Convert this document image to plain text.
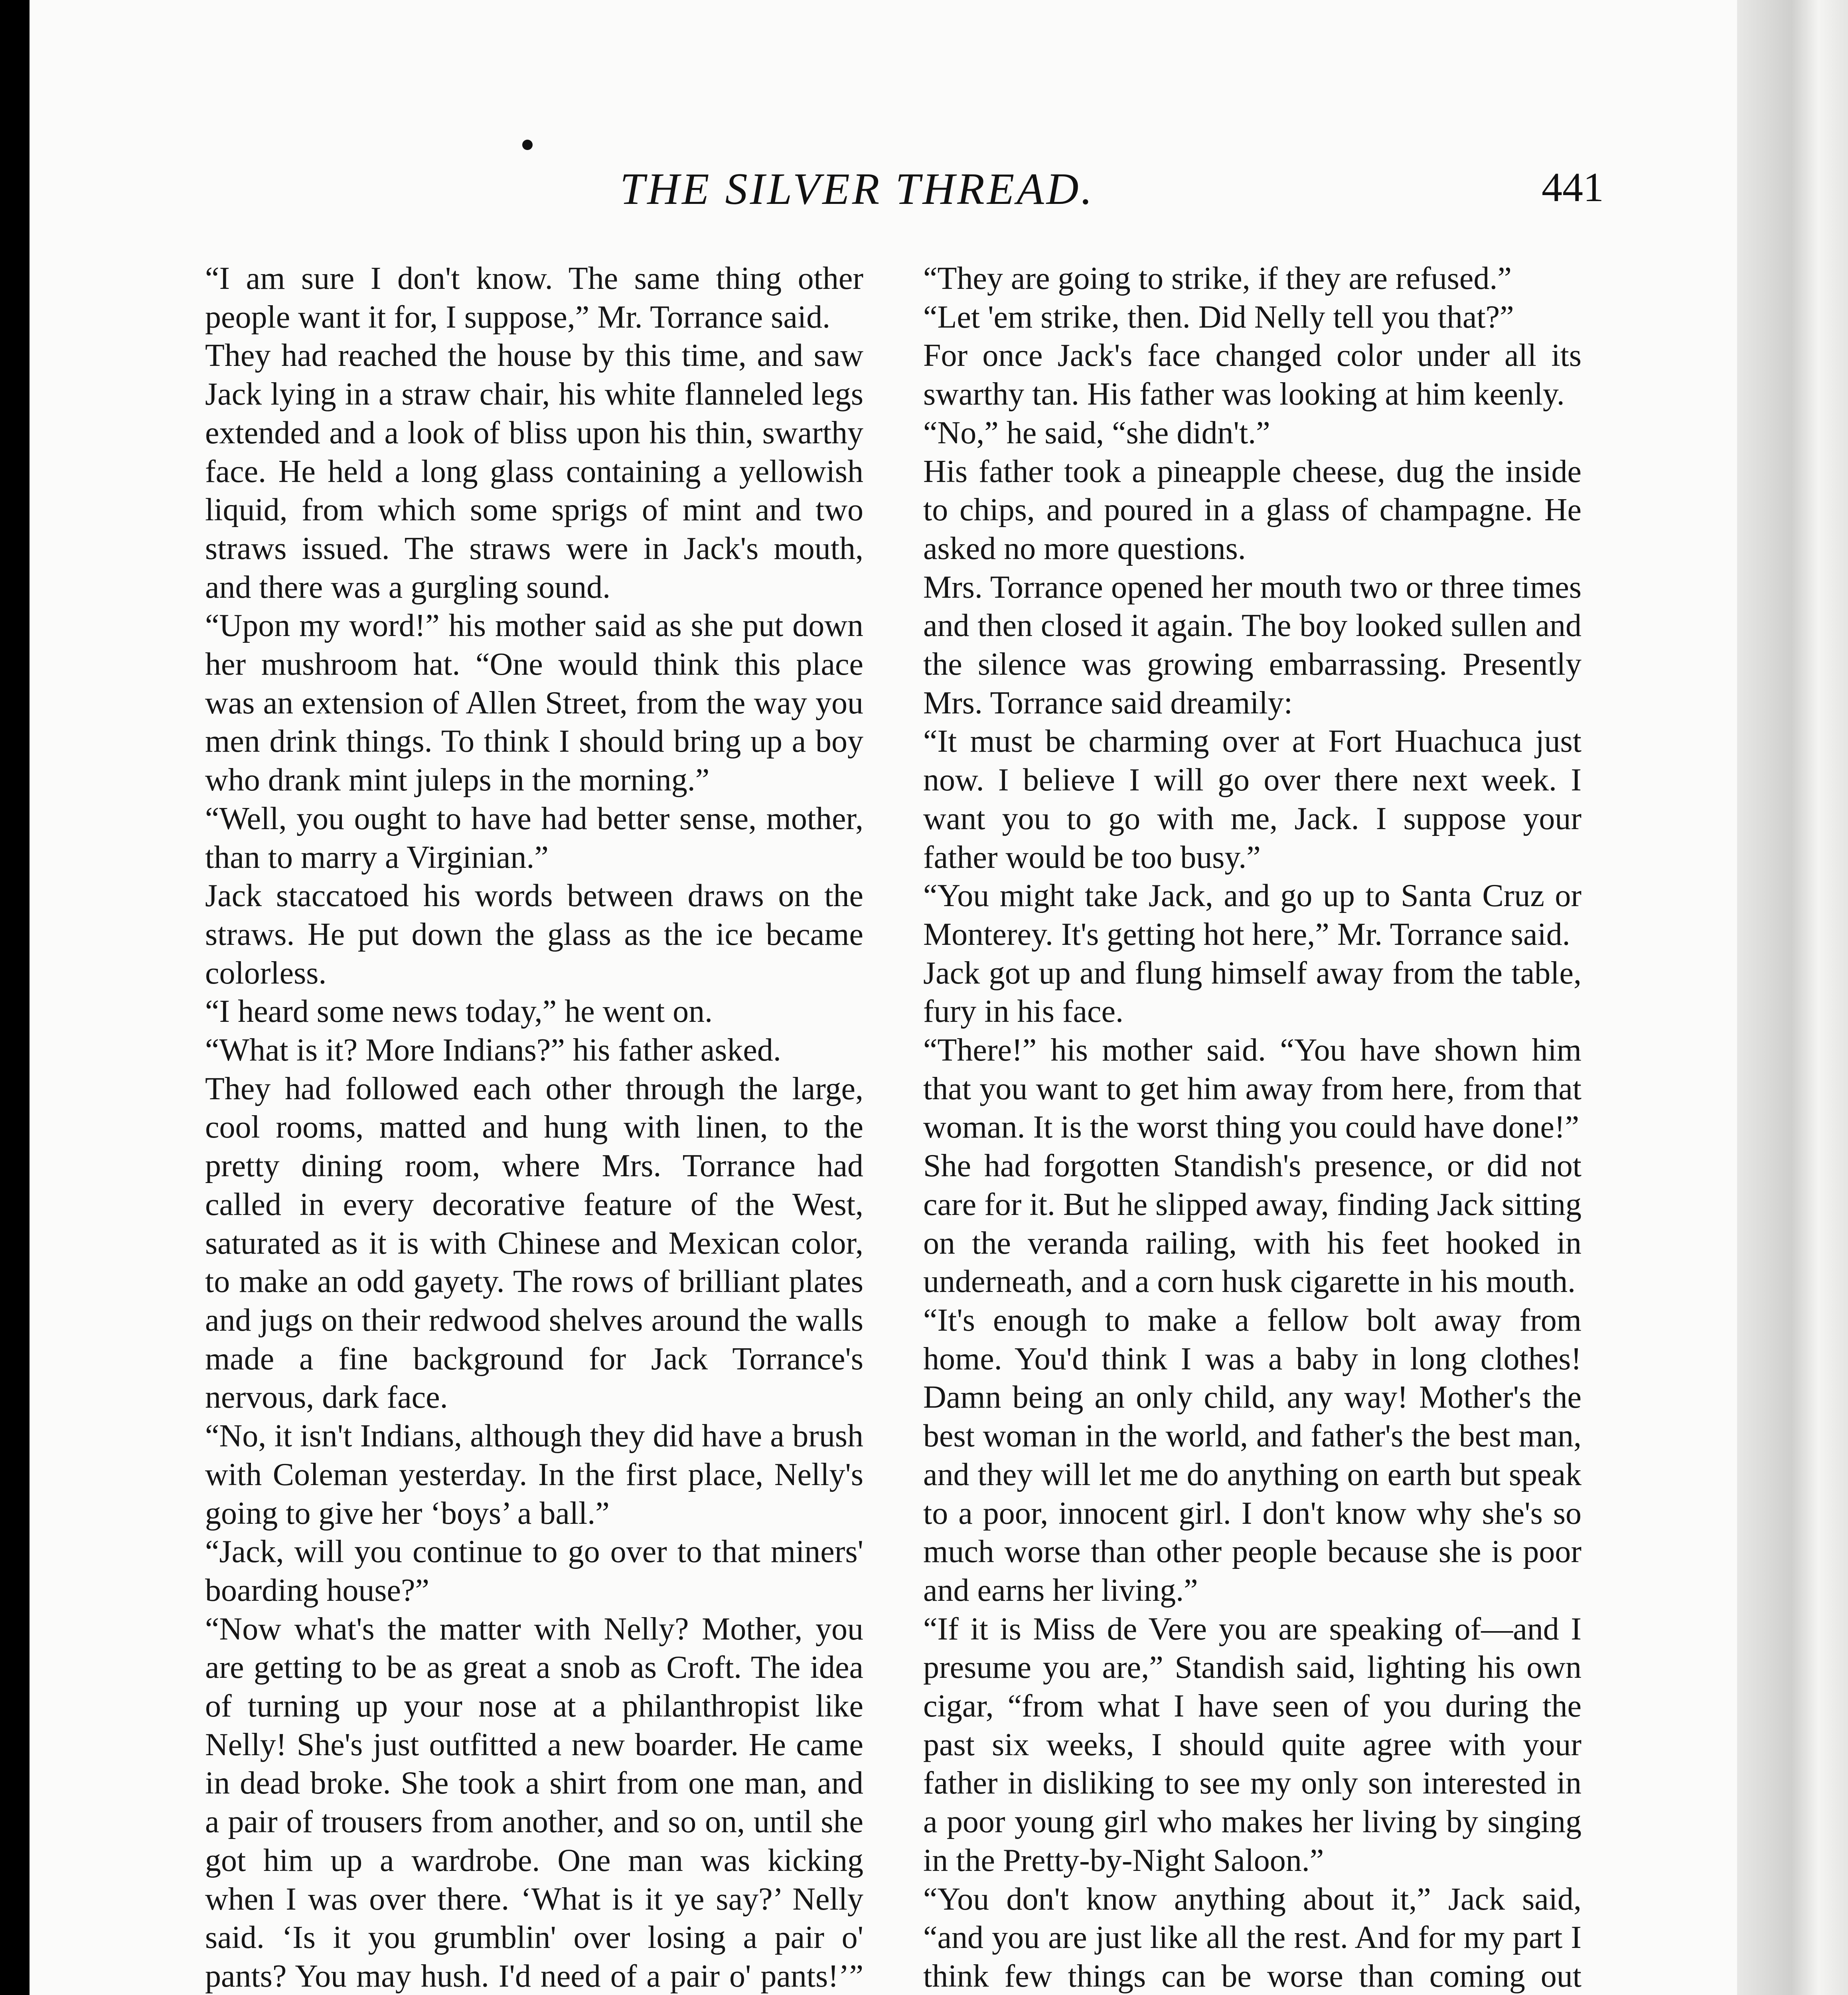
THE SILVER THREAD.	441

“I am sure I don't know. The same thing other people want it for, I suppose,” Mr. Torrance said.

They had reached the house by this time, and saw Jack lying in a straw chair, his white flanneled legs extended and a look of bliss upon his thin, swarthy face. He held a long glass containing a yellowish liquid, from which some sprigs of mint and two straws issued. The straws were in Jack's mouth, and there was a gurgling sound.

“Upon my word!” his mother said as she put down her mushroom hat. “One would think this place was an extension of Allen Street, from the way you men drink things. To think I should bring up a boy who drank mint juleps in the morning.”

“Well, you ought to have had better sense, mother, than to marry a Virginian.”

Jack staccatoed his words between draws on the straws. He put down the glass as the ice became colorless.

“I heard some news today,” he went on.

“What is it? More Indians?” his father asked.

They had followed each other through the large, cool rooms, matted and hung with linen, to the pretty dining room, where Mrs. Torrance had called in every decorative feature of the West, saturated as it is with Chinese and Mexican color, to make an odd gayety. The rows of brilliant plates and jugs on their redwood shelves around the walls made a fine background for Jack Torrance's nervous, dark face.

“No, it isn't Indians, although they did have a brush with Coleman yesterday. In the first place, Nelly's going to give her ‘boys’ a ball.”

“Jack, will you continue to go over to that miners' boarding house?”

“Now what's the matter with Nelly? Mother, you are getting to be as great a snob as Croft. The idea of turning up your nose at a philanthropist like Nelly! She's just outfitted a new boarder. He came in dead broke. She took a shirt from one man, and a pair of trousers from another, and so on, until she got him up a wardrobe. One man was kicking when I was over there. ‘What is it ye say?’ Nelly said. ‘Is it you grumblin' over losing a pair o' pants? You may hush. I'd need of a pair o' pants!’”

“They are going to strike, if they are refused.”

“Let 'em strike, then. Did Nelly tell you that?”

For once Jack's face changed color under all its swarthy tan. His father was looking at him keenly.

“No,” he said, “she didn't.”

His father took a pineapple cheese, dug the inside to chips, and poured in a glass of champagne. He asked no more questions.

Mrs. Torrance opened her mouth two or three times and then closed it again. The boy looked sullen and the silence was growing embarrassing. Presently Mrs. Torrance said dreamily:

“It must be charming over at Fort Huachuca just now. I believe I will go over there next week. I want you to go with me, Jack. I suppose your father would be too busy.”

“You might take Jack, and go up to Santa Cruz or Monterey. It's getting hot here,” Mr. Torrance said.

Jack got up and flung himself away from the table, fury in his face.

“There!” his mother said. “You have shown him that you want to get him away from here, from that woman. It is the worst thing you could have done!”

She had forgotten Standish's presence, or did not care for it. But he slipped away, finding Jack sitting on the veranda railing, with his feet hooked in underneath, and a corn husk cigarette in his mouth.

“It's enough to make a fellow bolt away from home. You'd think I was a baby in long clothes! Damn being an only child, any way! Mother's the best woman in the world, and father's the best man, and they will let me do anything on earth but speak to a poor, innocent girl. I don't know why she's so much worse than other people because she is poor and earns her living.”

“If it is Miss de Vere you are speaking of—and I presume you are,” Standish said, lighting his own cigar, “from what I have seen of you during the past six weeks, I should quite agree with your father in disliking to see my only son interested in a poor young girl who makes her living by singing in the Pretty-by-Night Saloon.”

“You don't know anything about it,” Jack said, “and you are just like all the rest. And for my part I think few things can be worse than coming out
